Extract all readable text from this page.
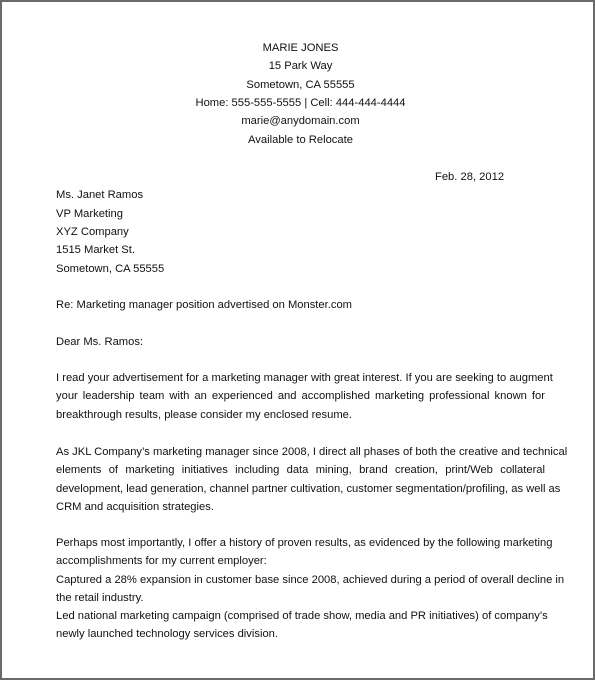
MARIE JONES
15 Park Way
Sometown, CA 55555
Home: 555-555-5555 | Cell: 444-444-4444
marie@anydomain.com
Available to Relocate
Feb. 28, 2012
Ms. Janet Ramos
VP Marketing
XYZ Company
1515 Market St.
Sometown, CA 55555
Re: Marketing manager position advertised on Monster.com
Dear Ms. Ramos:
I read your advertisement for a marketing manager with great interest. If you are seeking to augment
your leadership team with an experienced and accomplished marketing professional known for
breakthrough results, please consider my enclosed resume.
As JKL Company’s marketing manager since 2008, I direct all phases of both the creative and technical
elements of marketing initiatives including data mining, brand creation, print/Web collateral
development, lead generation, channel partner cultivation, customer segmentation/profiling, as well as
CRM and acquisition strategies.
Perhaps most importantly, I offer a history of proven results, as evidenced by the following marketing
accomplishments for my current employer:
Captured a 28% expansion in customer base since 2008, achieved during a period of overall decline in
the retail industry.
Led national marketing campaign (comprised of trade show, media and PR initiatives) of company’s
newly launched technology services division.
